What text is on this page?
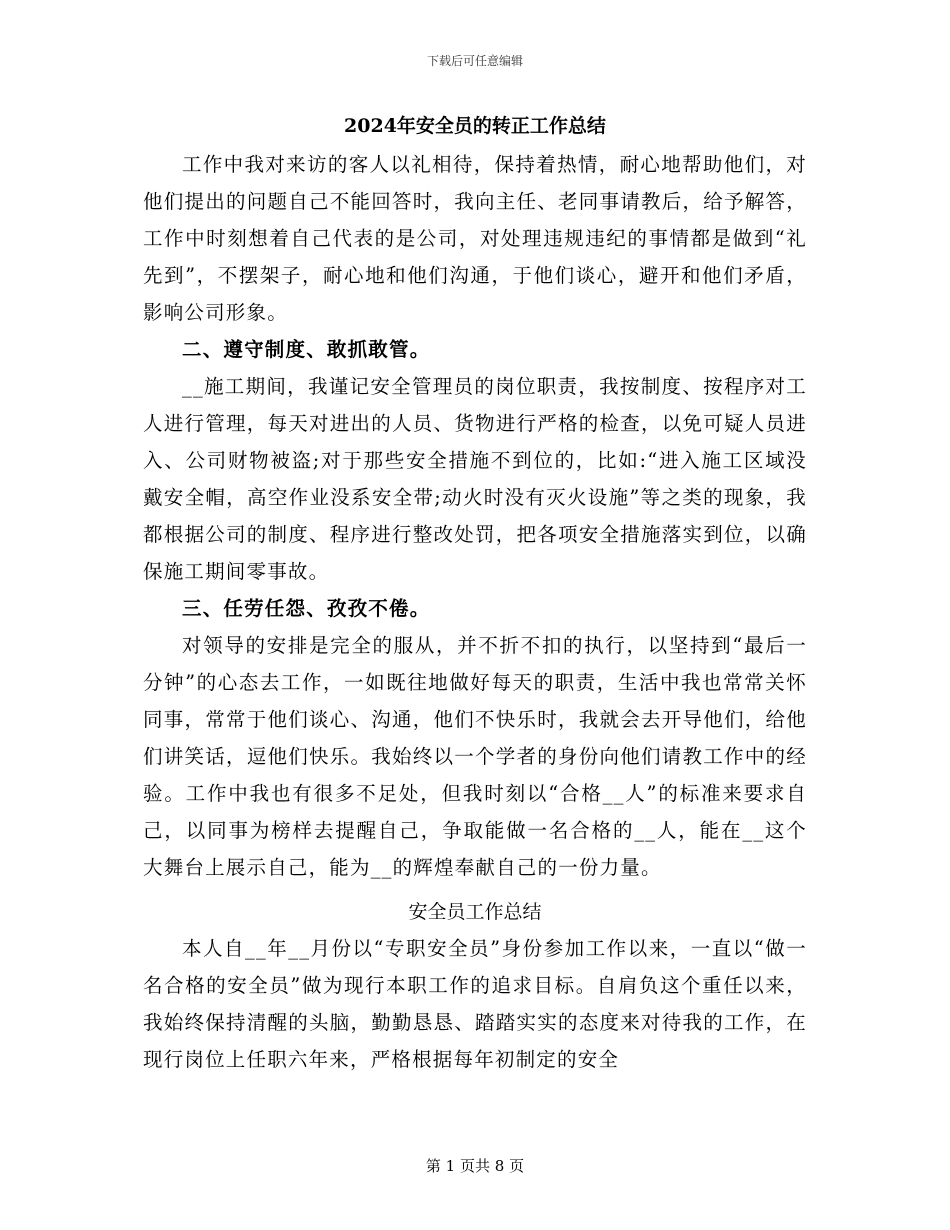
下载后可任意编辑
2024年安全员的转正工作总结

工作中我对来访的客人以礼相待，保持着热情，耐心地帮助他们，对他们提出的问题自己不能回答时，我向主任、老同事请教后，给予解答，工作中时刻想着自己代表的是公司，对处理违规违纪的事情都是做到“礼先到”，不摆架子，耐心地和他们沟通，于他们谈心，避开和他们矛盾，影响公司形象。

二、遵守制度、敢抓敢管。

__施工期间，我谨记安全管理员的岗位职责，我按制度、按程序对工人进行管理，每天对进出的人员、货物进行严格的检查，以免可疑人员进入、公司财物被盗;对于那些安全措施不到位的，比如:“进入施工区域没戴安全帽，高空作业没系安全带;动火时没有灭火设施”等之类的现象，我都根据公司的制度、程序进行整改处罚，把各项安全措施落实到位，以确保施工期间零事故。

三、任劳任怨、孜孜不倦。

对领导的安排是完全的服从，并不折不扣的执行，以坚持到“最后一分钟”的心态去工作，一如既往地做好每天的职责，生活中我也常常关怀同事，常常于他们谈心、沟通，他们不快乐时，我就会去开导他们，给他们讲笑话，逗他们快乐。我始终以一个学者的身份向他们请教工作中的经验。工作中我也有很多不足处，但我时刻以“合格__人”的标准来要求自己，以同事为榜样去提醒自己，争取能做一名合格的__人，能在__这个大舞台上展示自己，能为__的辉煌奉献自己的一份力量。

安全员工作总结

本人自__年__月份以“专职安全员”身份参加工作以来，一直以“做一名合格的安全员”做为现行本职工作的追求目标。自肩负这个重任以来，我始终保持清醒的头脑，勤勤恳恳、踏踏实实的态度来对待我的工作，在现行岗位上任职六年来，严格根据每年初制定的安全

第 1 页共 8 页
